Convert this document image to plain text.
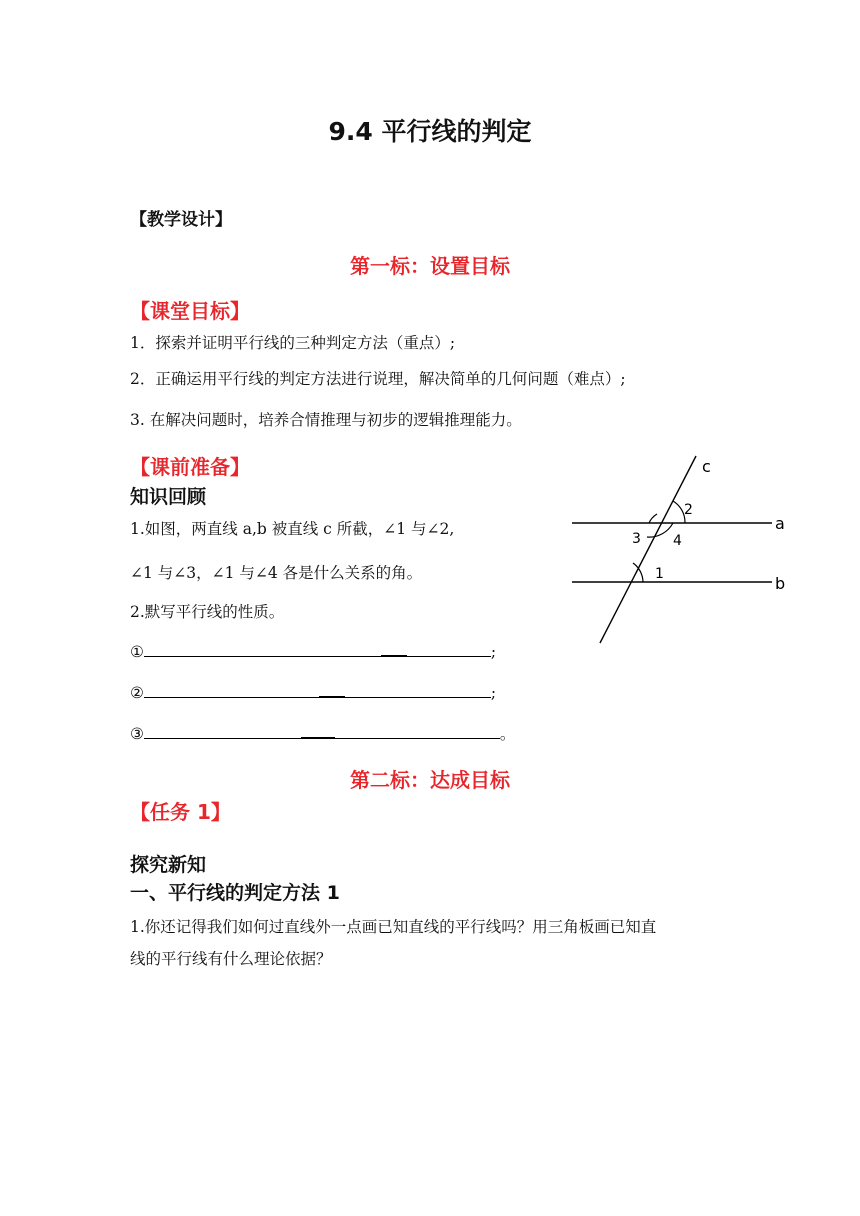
9.4 平行线的判定
【教学设计】
第一标：设置目标
【课堂目标】
1．探索并证明平行线的三种判定方法（重点）;
2．正确运用平行线的判定方法进行说理，解决简单的几何问题（难点）;
3. 在解决问题时，培养合情推理与初步的逻辑推理能力。
【课前准备】
知识回顾
1.如图，两直线 a,b 被直线 c 所截，∠1 与∠2,
∠1 与∠3，∠1 与∠4 各是什么关系的角。
2.默写平行线的性质。
①	;
②	;
③	。
c
a
b
1
2
3 4
第二标：达成目标
【任务 1】
探究新知
一、平行线的判定方法 1
1.你还记得我们如何过直线外一点画已知直线的平行线吗？用三角板画已知直
线的平行线有什么理论依据？
